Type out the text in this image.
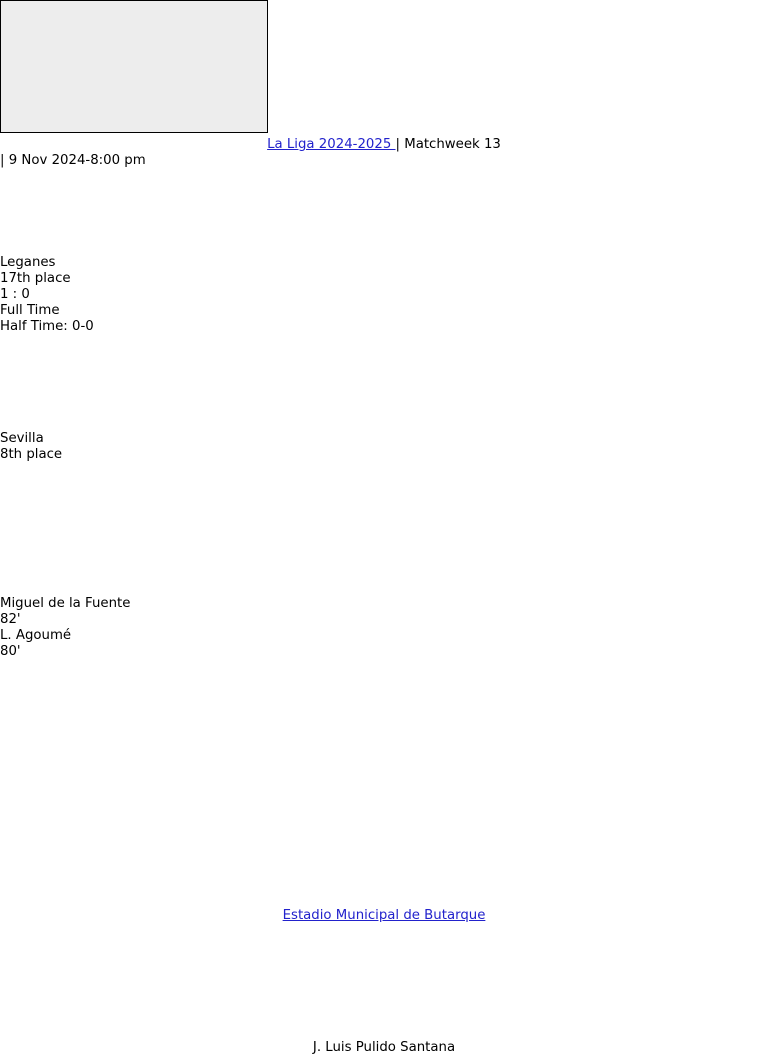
La Liga 2024-2025 | Matchweek 13
| 9 Nov 2024-8:00 pm
Leganes
17th place
1 : 0
Full Time
Half Time: 0-0
Sevilla
8th place
Miguel de la Fuente
82'
L. Agoumé
80'
Estadio Municipal de Butarque
J. Luis Pulido Santana
